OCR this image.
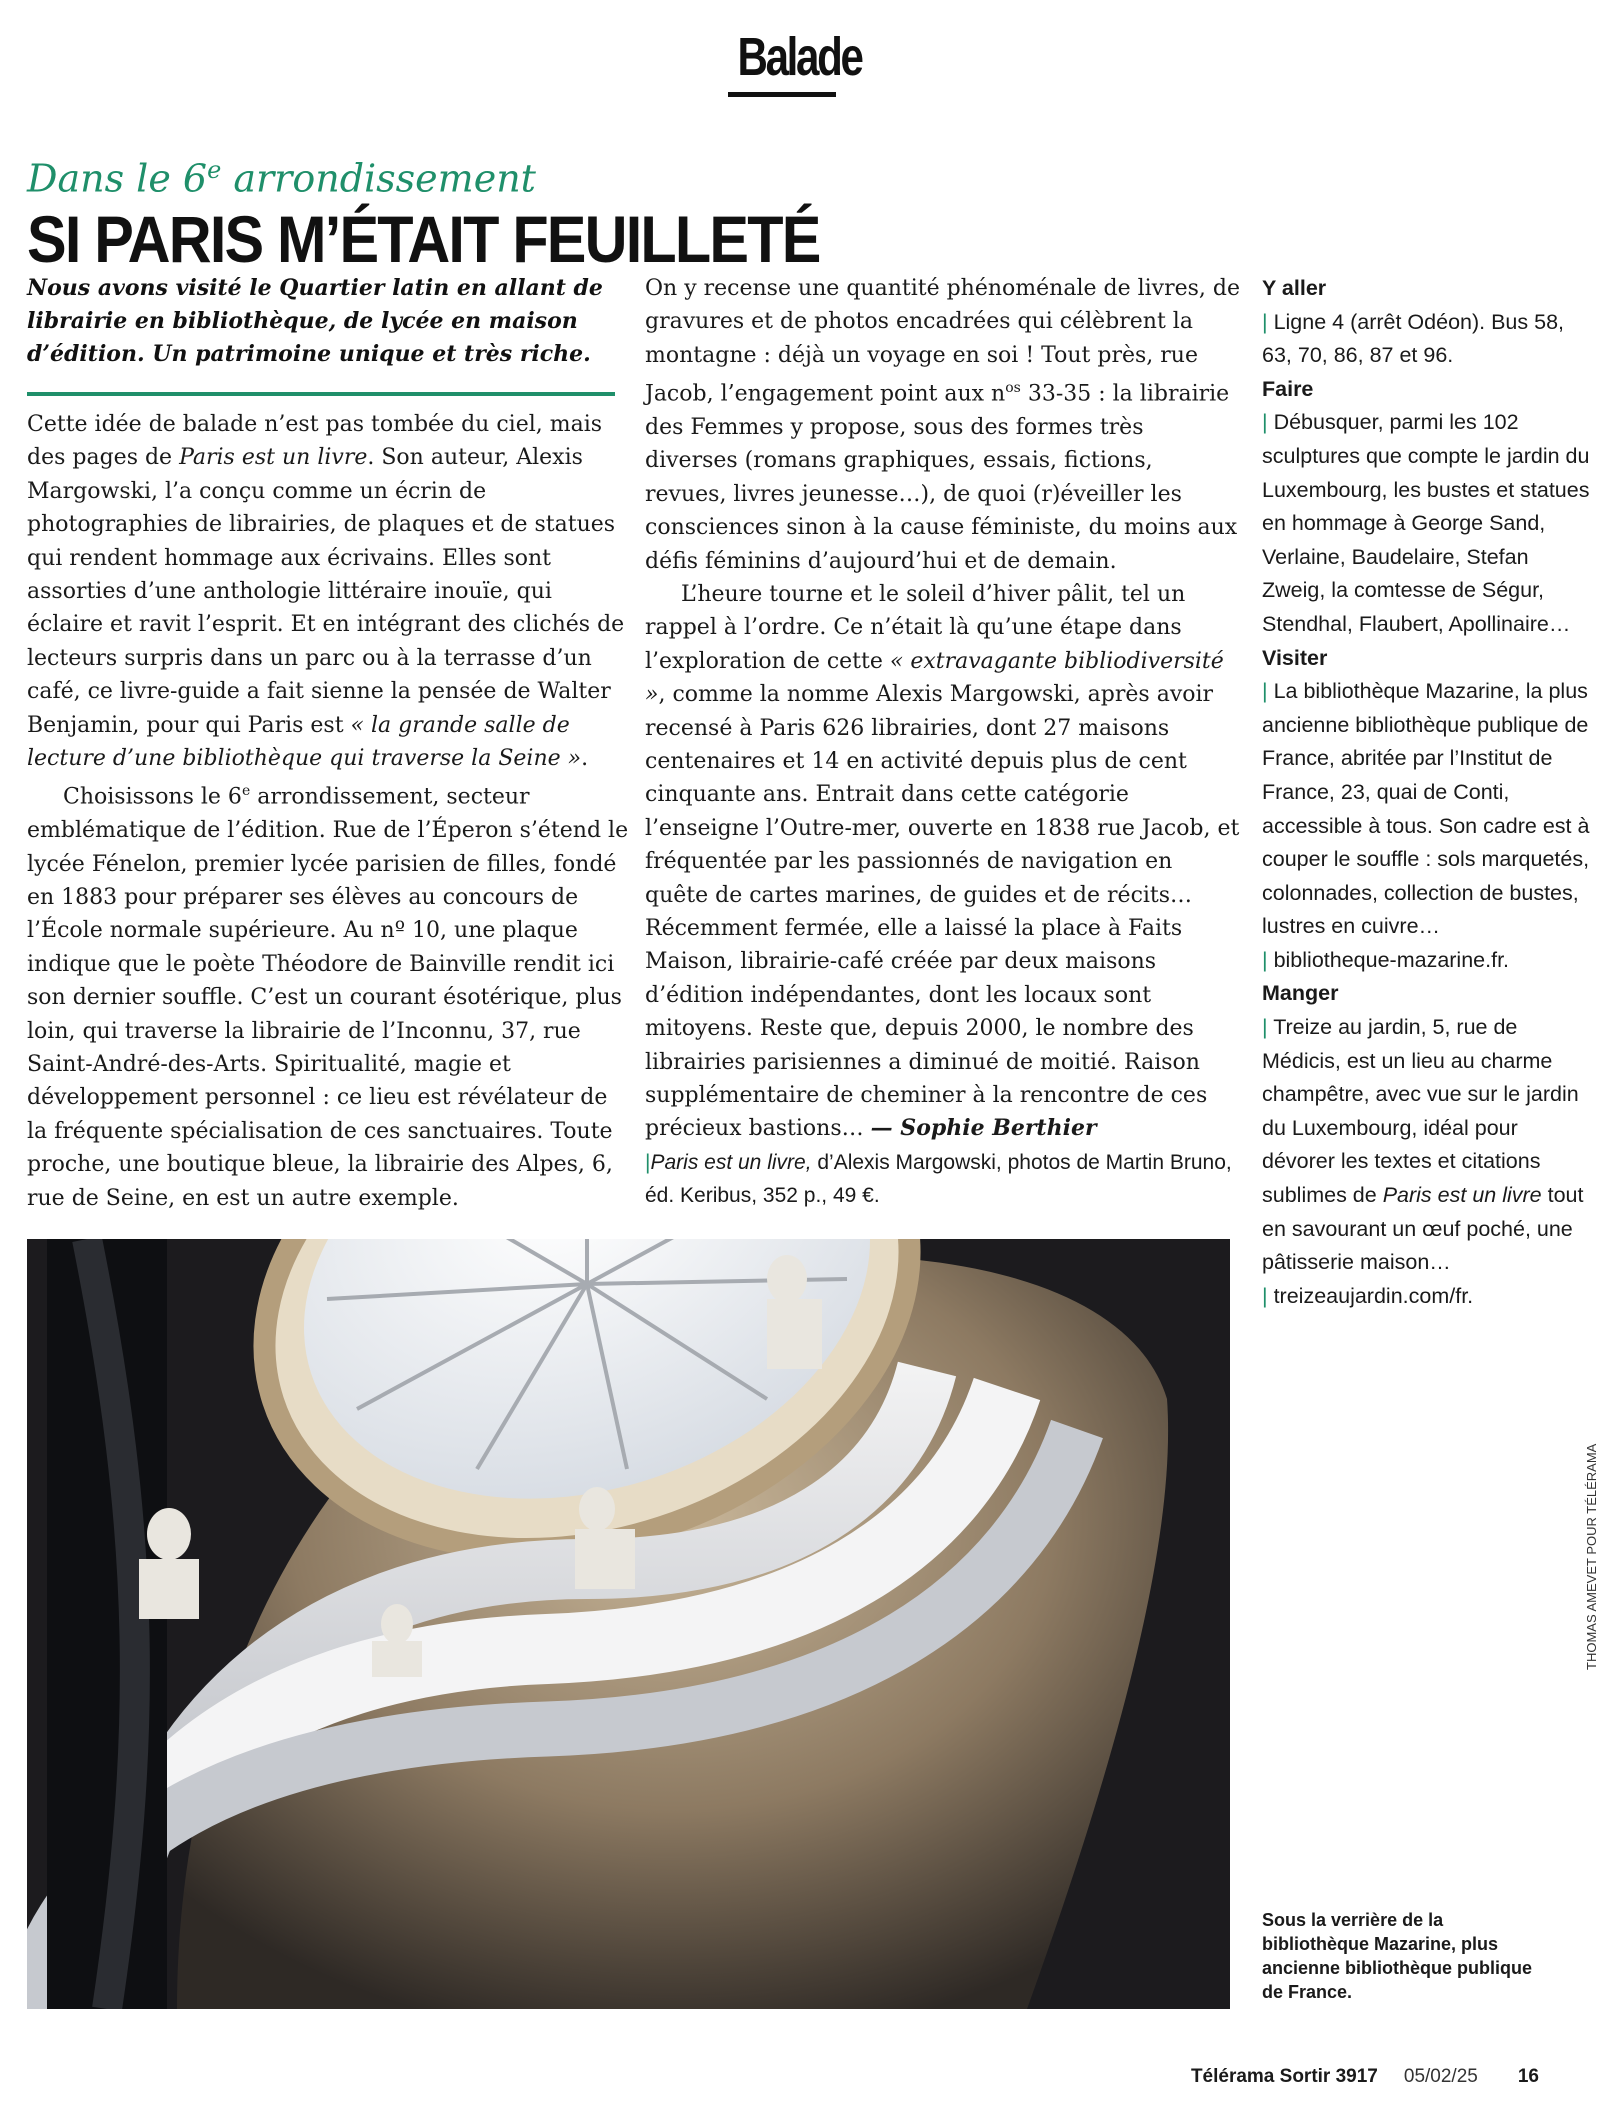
Balade
Dans le 6e arrondissement
SI PARIS M’ÉTAIT FEUILLETÉ
Nous avons visité le Quartier latin en allant de librairie en bibliothèque, de lycée en maison d’édition. Un patrimoine unique et très riche.

Cette idée de balade n’est pas tombée du ciel, mais des pages de Paris est un livre. Son auteur, Alexis Margowski, l’a conçu comme un écrin de photographies de librairies, de plaques et de statues qui rendent hommage aux écrivains. Elles sont assorties d’une anthologie littéraire inouïe, qui éclaire et ravit l’esprit. Et en intégrant des clichés de lecteurs surpris dans un parc ou à la terrasse d’un café, ce livre-guide a fait sienne la pensée de Walter Benjamin, pour qui Paris est « la grande salle de lecture d’une bibliothèque qui traverse la Seine ».

Choisissons le 6e arrondissement, secteur emblématique de l’édition. Rue de l’Éperon s’étend le lycée Fénelon, premier lycée parisien de filles, fondé en 1883 pour préparer ses élèves au concours de l’École normale supérieure. Au nº 10, une plaque indique que le poète Théodore de Bainville rendit ici son dernier souffle. C’est un courant ésotérique, plus loin, qui traverse la librairie de l’Inconnu, 37, rue Saint-André-des-Arts. Spiritualité, magie et développement personnel : ce lieu est révélateur de la fréquente spécialisation de ces sanctuaires. Toute proche, une boutique bleue, la librairie des Alpes, 6, rue de Seine, en est un autre exemple.

On y recense une quantité phénoménale de livres, de gravures et de photos encadrées qui célèbrent la montagne : déjà un voyage en soi ! Tout près, rue Jacob, l’engagement point aux $n^{os}$ 33-35 : la librairie des Femmes y propose, sous des formes très diverses (romans graphiques, essais, fictions, revues, livres jeunesse…), de quoi (r)éveiller les consciences sinon à la cause féministe, du moins aux défis féminins d’aujourd’hui et de demain.

L’heure tourne et le soleil d’hiver pâlit, tel un rappel à l’ordre. Ce n’était là qu’une étape dans l’exploration de cette « extravagante bibliodiversité », comme la nomme Alexis Margowski, après avoir recensé à Paris 626 librairies, dont 27 maisons centenaires et 14 en activité depuis plus de cent cinquante ans. Entrait dans cette catégorie l’enseigne l’Outre-mer, ouverte en 1838 rue Jacob, et fréquentée par les passionnés de navigation en quête de cartes marines, de guides et de récits… Récemment fermée, elle a laissé la place à Faits Maison, librairie-café créée par deux maisons d’édition indépendantes, dont les locaux sont mitoyens. Reste que, depuis 2000, le nombre des librairies parisiennes a diminué de moitié. Raison supplémentaire de cheminer à la rencontre de ces précieux bastions… — Sophie Berthier

|Paris est un livre, d’Alexis Margowski, photos de Martin Bruno, éd. Keribus, 352 p., 49 €.

Y aller

| Ligne 4 (arrêt Odéon). Bus 58, 63, 70, 86, 87 et 96.

Faire

| Débusquer, parmi les 102 sculptures que compte le jardin du Luxembourg, les bustes et statues en hommage à George Sand, Verlaine, Baudelaire, Stefan Zweig, la comtesse de Ségur, Stendhal, Flaubert, Apollinaire…

Visiter

| La bibliothèque Mazarine, la plus ancienne bibliothèque publique de France, abritée par l’Institut de France, 23, quai de Conti, accessible à tous. Son cadre est à couper le souffle : sols marquetés, colonnades, collection de bustes, lustres en cuivre…
| bibliotheque-mazarine.fr.

Manger

| Treize au jardin, 5, rue de Médicis, est un lieu au charme champêtre, avec vue sur le jardin du Luxembourg, idéal pour dévorer les textes et citations sublimes de Paris est un livre tout en savourant un œuf poché, une pâtisserie maison…
| treizeaujardin.com/fr.

Sous la verrière de la bibliothèque Mazarine, plus ancienne bibliothèque publique de France.
THOMAS AMEVET POUR TÉLÉRAMA
Télérama Sortir 3917 05/02/25 16
